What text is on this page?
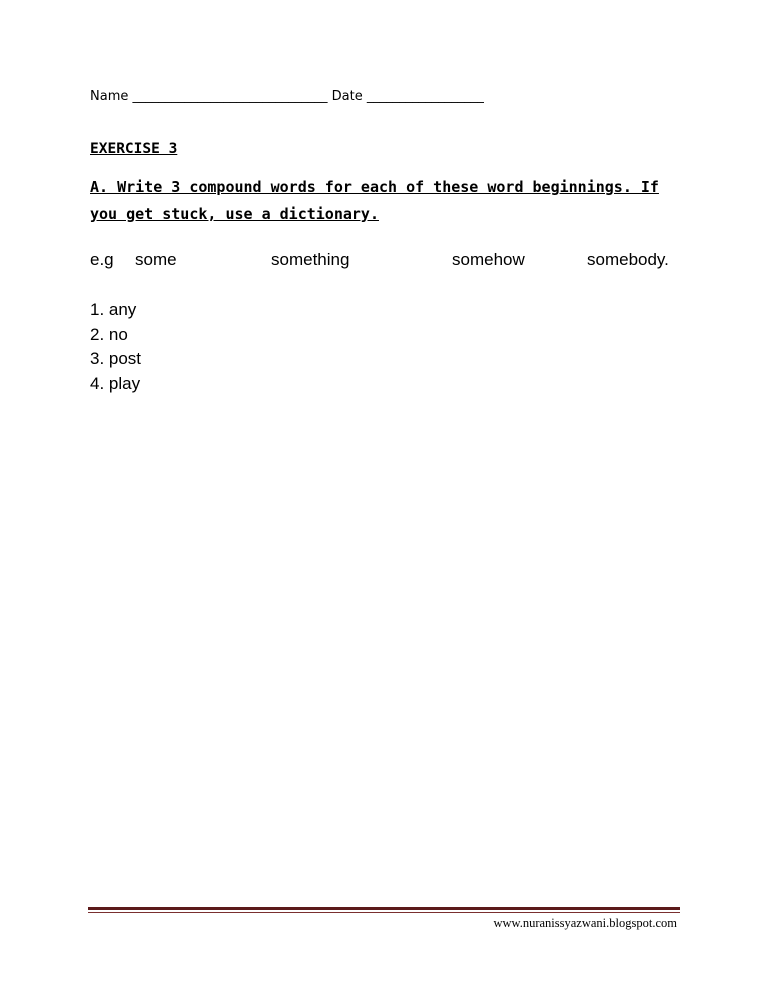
Name ______________________________ Date __________________
EXERCISE 3
A. Write 3 compound words for each of these word beginnings. If
you get stuck, use a dictionary.
e.g some	something	somehow	somebody.
1. any
2. no
3. post
4. play
www.nuranissyazwani.blogspot.com
